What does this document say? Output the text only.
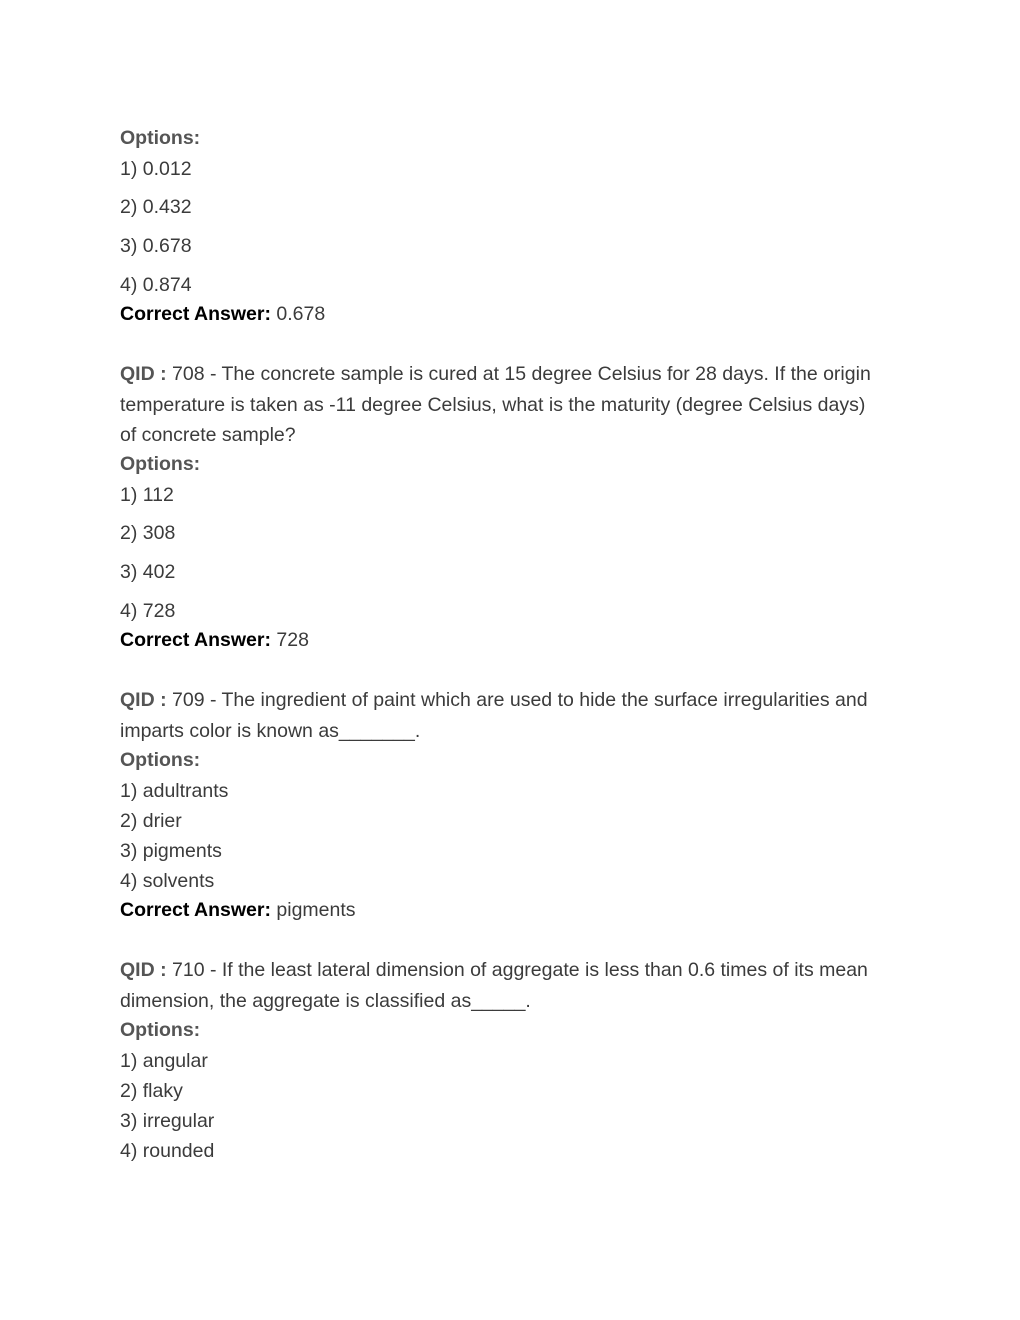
Options:

1) 0.012

2) 0.432

3) 0.678

4) 0.874

Correct Answer: 0.678

QID : 708 - The concrete sample is cured at 15 degree Celsius for 28 days. If the origin

temperature is taken as -11 degree Celsius, what is the maturity (degree Celsius days)

of concrete sample?

Options:

1) 112

2) 308

3) 402

4) 728

Correct Answer: 728

QID : 709 - The ingredient of paint which are used to hide the surface irregularities and

imparts color is known as_______.

Options:

1) adultrants

2) drier

3) pigments

4) solvents

Correct Answer: pigments

QID : 710 - If the least lateral dimension of aggregate is less than 0.6 times of its mean

dimension, the aggregate is classified as_____.

Options:

1) angular

2) flaky

3) irregular

4) rounded
